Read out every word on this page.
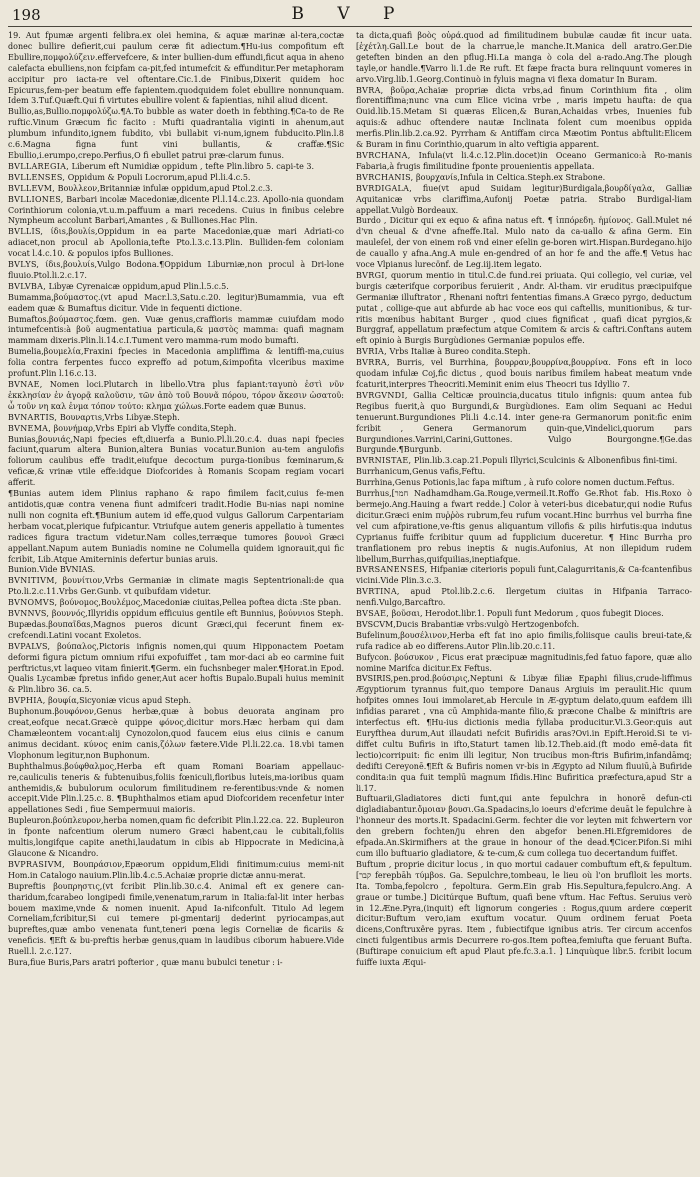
198	B V P

19. Aut fpumæ argenti felibra.ex olei hemina, & aquæ marinæ al-tera,coctæ donec bullire defierit,cui paulum ceræ fit adiectum.¶Hu-ius compofitum eft Ebullire,πομφολύζειν.effervefcere, & inter bullien-dum effundi,ficut aqua in aheno calefacta ebulliens,non fcipfam ca-pit,fed intumefcit & effunditur.Per metaphoram accipitur pro iacta-re vel oftentare.Cic.1.de Finibus,Dixerit quidem hoc Epicurus,fem-per beatum effe fapientem.quodquidem folet ebullire nonnunquam. Idem 3.Tuf.Quæft.Qui fi virtutes ebullire volent & fapientias, nihil aliud dicent.

Bullio,as,Bullio.πομφολύζω.¶A.To bubble as water doeth in febthing.¶Ca-to de Re ruftic.Vinum Græcum fic facito : Mufti quadrantalia viginti in ahenum,aut plumbum infundito,ignem fubdito, vbi bullabit vi-num,ignem fubducito.Plin.l.8 c.6.Magna figna funt vini bullantis, & craffæ.¶Sic Ebullio,i.erumpo,crepo.Perfius,O fi ebullet patrui præ-clarum funus.

BVLLAREGIA, Liberum eft Numidiæ oppidum , tefte Plin.libro 5. capi-te 3.

BVLLENSES, Oppidum & Populi Locrorum,apud Pl.li.4.c.5.

BVLLEVM, Βουλλεον,Britanniæ infulæ oppidum,apud Ptol.2.c.3.

BVLLIONES, Barbari incolæ Macedoniæ,dicente Pl.l.14.c.23. Apollo-nia quondam Corinthiorum colonia,vt.u.m.paffuum a mari recedens. Cuius in finibus celebre Nympheum accolunt Barbari,Amantes , & Bulliones.Hac Plin.

BVLLIS, ίδιs,βουλίs,Oppidum in ea parte Macedoniæ,quæ mari Adriati-co adiacet,non procul ab Apollonia,tefte Pto.l.3.c.13.Plin. Bulliden-fem coloniam vocat l.4.c.10. & populos ipfos Bulliones.

BVLYS, ίδιs,βουλυίs,Vulgo Bodona.¶Oppidum Liburniæ,non procul à Dri-lone fluuio.Ptol.li.2.c.17.

BVLVBA, Libyæ Cyrenaicæ oppidum,apud Plin.l.5.c.5.

Bumamma,βούμαστος.(vt apud Macr.l.3,Satu.c.20. legitur)Bumammia, vua eft eadem quæ & Bumaftus dicitur. Vide in fequenti dictione.

Bumaftos.βούμαστος.fœm. gen. Vuæ genus,craffioris mammæ cuiufdam modo intumefcentis:à βοῦ augmentatiua particula,& μαστὸς mamma: quafi magnam mammam dixeris.Plin.li.14.c.I.Tument vero mamma-rum modo bumafti.

Bumelia,βουμελία,Fraxini fpecies in Macedonia ampliffima & lentiffi-ma,cuius folia contra ferpentes fucco expreffo ad potum,&impofita vlceribus maxime profunt.Plin l.16.c.13.

BVNAE, Nomen loci.Plutarch in libello.Vtra plus fapiant:ταγυπὸ ἐστὶ νῦν ἐκκλησίαν ἐν ἀγορᾷ καλοῦσιν, τῶν ἀπὸ τοῦ Βουνᾶ πόρου, τόρον ἄκεσιν ὠσατοῦ: ὧ τοῦν νη καλ ἐνμα τόπον τούτο: κλημα χώλωs.Forte eadem quæ Bunus.

BVNARTIS, Βουναρτιs,Vrbs Libyæ.Steph.

BVNEMA, βουνήμαρ,Vrbs Epiri ab Vlyffe condita,Steph.

Bunias,βουνιάς,Napi fpecies eft,diuerfa a Bunio.Pl.li.20.c.4. duas napi fpecies faciunt,quarum altera Bunion,altera Bunias vocatur.Bunion au-tem angulofis foliorum caulibus effe tradit,eiufque decoctum purga-tionibus fœminarum,& veficæ,& vrinæ vtile effe:idque Diofcorides à Romanis Scopam regiam vocari afferit.

¶Bunias autem idem Plinius raphano & rapo fimilem facit,cuius fe-men antidotis,quæ contra venena fiunt admifceri tradit.Hodie Bu-nias napi nomine nulli non cognita eft.¶Bunium autem id effe,quod vulgus Gallorum Carpentariam herbam vocat,plerique fufpicantur. Vtriufque autem generis appellatio à tumentes radices figura tractum videtur.Nam colles,terræque tumores βουνοὶ Græci appellant.Napum autem Buniadis nomine ne Columella quidem ignorauit,qui fic fcribit, Lib.Atque Amiterninis defertur bunias aruis.

Bunion.Vide BVNIAS.

BVNITIVM, βουνίτιον,Vrbs Germaniæ in climate magis Septentrionali:de qua Pto.li.2.c.11.Vrbs Ger.Gunb. vt quibufdam videtur.

BVNOMVS, βούνομος,Βουλέμος,Macedoniæ ciuitas,Pellea poftea dicta :Ste pban.

BVNNVS, βουννός,Illyridis oppidum efficuius gentile eft Bunnius, βούννιοs Steph.

Bupædas.βουπαῖδαs,Magnos pueros dicunt Græci,qui fecerunt finem ex-crefcendi.Latini vocant Exoletos.

BVPALVS, βούπαλος,Pictoris infignis nomen,qui quum Hipponactem Poetam deformi figura pictum omnium rifui expofuiffet , tam mor-daci ab eo carmine fuit perftrictus,vt laqueo vitam finierit.¶Germ. ein fuchsnbeger maler.¶Horat.in Epod. Qualis Lycambæ fpretus infido gener,Aut acer hoftis Bupalo.Bupali huius meminit & Plin.libro 36. ca.5.

BVPHIA, βουφία,Sicyoniæ vicus apud Steph.

Buphonum.βουφόνον,Genus herbæ,quæ à bobus deuorata anginam pro creat,eofque necat.Græcè quippe φόνος,dicitur mors.Hæc herbam qui dam Chamæleontem vocant:alij Cynozolon,quod faucem eius eius ciinis e canum animus decidant. κύνος enim canis,ζόλων fætere.Vide Pl.li.22.ca. 18.vbi tamen Vlophonum legitur,non Buphonum.

Buphthalmus.βούφθαλμος,Herba eft quam Romani Boariam appellauc-re,cauliculis teneris & fubtenuibus,foliis fœniculi,floribus luteis,ma-ioribus quam anthemidis,& bubulorum oculorum fimilitudinem re-ferentibus:vnde & nomen accepit.Vide Plin.l.25.c. 8. ¶Buphthalmos etiam apud Diofcoridem recenfetur inter appellationes Sedi , fiue Sempermuui maioris.

Bupleuron.βούπλευρον,herba nomen,quam fic defcribit Plin.l.22.ca. 22. Bupleuron in fponte nafcentium olerum numero Græci habent,cau le cubitali,foliis multis,longifque capite anethi,laudatum in cibis ab Hippocrate in Medicina,à Glaucone & Nicandro.

BVPRASIVM, Βουπράσιον,Epæorum oppidum,Elidi finitimum:cuius memi-nit Hom.in Catalogo nauium.Plin.lib.4.c.5.Achaiæ proprie dictæ annu-merat.

Bupreftis βουπρηστις,(vt fcribit Plin.lib.30.c.4. Animal eft ex genere can-tharidum,fcarabeo longipedi fimile,venenatum,rarum in Italia:fal-lit inter herbas bouem maxime,vnde & nomen inuenit. Apud Ia-nifconfult. Titulo Ad legem Corneliam,fcribitur,Si cui temere pi-gmentarij dederint pyriocampas,aut bupreftes,quæ ambo venenata funt,teneri pœna legis Corneliæ de ficariis & veneficis. ¶Eft & bu-preftis herbæ genus,quam in laudibus ciborum habuere.Vide Ruell.l. 2.c.127.

Bura,fiue Buris,Pars aratri pofterior , quæ manu bubulci tenetur : i-

ta dicta,quafi βοὸς οὐρά.quod ad fimilitudinem bubulæ caudæ fit incur uata.[ἐχέτλη.Gall.Le bout de la charrue,le manche.It.Manica dell aratro.Ger.Die geteften binden an den pflug.Hi.La manga ò cola del a-rado.Ang.The plough tayle,or handle.¶Varro li.1.de Re ruft. Et fæpe fracta bura relinquunt vomeres in arvo.Virg.lib.1.Georg.Continuò in fyluis magna vi flexa domatur In Buram.

BVRA, βοῦρα,Achaiæ propriæ dicta vrbs,ad finum Corinthium fita , olim florentiffima;nunc vna cum Elice vicina vrbe , maris impetu haufta: de qua Ouid.lib.15.Metam Si quæras Elicen,& Buran,Achaidas vrbes, Inuenies fub aquis:& adhuc oftendere nautæ Inclinata folent cum moenibus oppida merfis.Plin.lib.2.ca.92. Pyrrham & Antiffam circa Mæotim Pontus abftulit:Elicem & Buram in finu Corinthio,quarum in alto veftigia apparent.

BVRCHANA, Infula(vt li.4.c.12.Plin.docet)in Oceano Germanico:à Ro-manis Fabaria,à frugis fimilitudine fponte prouenientis appellata.

BVRCHANIS, βουρχανίs,Infula in Celtica.Steph.ex Strabone.

BVRDIGALA, fiue(vt apud Suidam legitur)Burdigala,βουρδίγαλα, Galliæ Aquitanicæ vrbs clariffima,Aufonij Poetæ patria. Strabo Burdigal-liam appellat.Vulgò Bordeaux.

Burdo , Dicitur qui ex equo & afina natus eft. ¶ ἱππόρεδη. ἡμίονος. Gall.Mulet né d'vn cheual & d'vne afneffe.Ital. Mulo nato da ca-uallo & afina Germ. Ein mauleſel, der von einem roß vnd einer eſelin ge-boren wirt.Hispan.Burdegano.hijo de cauallo y afna.Ang.A mule en-gendred of an hor fe and the affe.¶ Vetus hac voce Vlpianus lurecönf. de Leg.iij.item legato.

BVRGI, quorum mentio in titul.C.de fund.rei priuata. Qui collegio, vel curiæ, vel burgis cæterifque corporibus feruierit , Andr. Al-tham. vir eruditus præcipuifque Germaniæ illuftrator , Rhenani noftri fententias fimans.A Græco pyrgo, deductum putat , collige-que aut abfurde ab hac voce eos qui caftellis, munitionibus, & tur-ritis mœnibus habitant Burger , quod ciues fignificat , quafi dicat pyrgios,& Burggraf, appellatum præfectum atque Comitem & arcis & caftri.Conftans autem eft opinio à Burgis Burgùdiones Germaniæ populos effe.

BVRIA, Vrbs Italiæ à Bureo condita.Steph.

BVRRA, Burris, vel Burrhina, βουρραν,βουρρίνα,βουρρίνα. Fons eft in loco quodam infulæ Coj,fic dictus , quod bouis naribus fimilem habeat meatum vnde fcaturit,interpres Theocriti.Meminit enim eius Theocri tus Idyllio 7.

BVRGVNDI, Gallia Celticæ prouincia,ducatus titulo infignis: quum antea fub Regibus fuerit,à quo Burgundi,& Burgùdiones. Eam olim Sequani ac Hedui tenuerunt.Burgundiones Pli.li 4.c.14. inter gene-ra Germanorum ponit:fic enim fcribit , Genera Germanorum quin-que,Vindelici,quorum pars Burgundiones.Varrini,Carini,Guttones. Vulgo Bourgongne.¶Ge.das Burgunde.¶Burgunb.

BVRNISTAE, Plin.lib.3.cap.21.Populi Illyrici,Sculcinis & Albonenfibus fini-timi.

Burrhanicum,Genus vafis,Feftu.

Burrhina,Genus Potionis,lac fapa miftum , à rufo colore nomen ductum.Feftus.

Burrhus,[חמר Nadhamdham.Ga.Rouge,vermeil.It.Roffo Ge.Rhot fab. His.Roxo ò bermejo.Ang.Hauing a fwart redde.] Color à veteri-bus dicebatur,qui nodie Rufus dicitur.Græci enim πυῤῥὸs rubrum,feu rufum vocant.Hinc burrhus vel burrha fine vel cum afpiratione,ve-ftis genus aliquantum villofis & pilis hirfutis:qua indutus Cyprianus fuiffe fcribitur quum ad fupplicium duceretur. ¶ Hinc Burrha pro tranflationem pro rebus ineptis & nugis.Aufonius, At non illepidum rudem libellum,Burrhas,quifquilias,ineptiafque.

BVRSANENSES, Hifpaniæ citerioris populi funt,Calagurritanis,& Ca-fcantenfibus vicini.Vide Plin.3.c.3.

BVRTINA, apud Ptol.lib.2.c.6. Ilergetum ciuitas in Hifpania Tarraco-nenfi.Vulgo,Barcaftro.

BVSAE, βοῦσαι, Herodot.libr.1. Populi funt Medorum , quos fubegit Dioces.

BVSCVM,Ducis Brabantiæ vrbs:vulgò Hertzogenbofch.

Bufelinum,βουσέλινον,Herba eft fat ino apio fimilis,foliisque caulis breui-tate,& rufa radice ab eo differens.Autor Plin.lib.20.c.11.

Bufycon. βούσυκον , Ficus erat præcipuæ magnitudinis,fed fatuo fapore, quæ alio nomine Marifca dicitur.Ex Feftus.

BVSIRIS,pen.prod.βούσιρις,Neptuni & Libyæ filiæ Epaphi filius,crude-liffimus Ægyptiorum tyrannus fuit,quo tempore Danaus Argiuis im peraulit.Hic quum hofpites omnes Ioui immolaret,ab Hercule in Æ-gyptum delato,quum eafdem illi infidias pararet , vna cū Amphida-mante filio,& præcone Chalbe & miniftris are interfectus eft. ¶Hu-ius dictionis media fyllaba producitur.Vi.3.Geor:quis aut Euryfthea durum,Aut illaudati nefcit Bufiridis aras?Ovi.in Epift.Heroid.Si te vi-diffet cultu Bufiris in ifto,Staturt tamen lib.12.Theb.aid.(ft modo emē-data fit lectio)corripuit: fic enim illi legitur, Non trucibus mon-ftris Bufirim,infandāmq; dedifti Cereyonē.¶Eft & Bufiris nomen vr-bis in Ægypto ad Nilum fluuiū,à Bufiride condita:in qua fuit templū magnum Ifidis.Hinc Bufiritica præfectura,apud Str a li.17.

Buftuarii,Gladiatores dicti funt,qui ante fepulchra in honorē defun-cti digladiabantur.ὄμοιαν βουσι.Ga.Spadacins,lo ioeurs d'efcrime deuāt le fepulchre à l'honneur des morts.It. Spadacini.Germ. fechter die vor leyten mit fchwertern vor den grebern fochten/ju ehren den abgefor benen.Hi.Efgremidores de efpada.An.Skirmifhers at the graue in honour of the dead.¶Cicer.Pifon.Si mihi cum illo buftuario gladiatore, & te-cum,& cum collega tuo decertandum fuiffet.

Buftum , proprie dicitur locus , in quo mortui cadauer combuftum eft,& fepultum. [קבר ferepbāh τύμβοs. Ga. Sepulchre,tombeau, le lieu où l'on bruflloit les morts. Ita. Tomba,fepolcro , fepoltura. Germ.Ein grab His.Sepultura,fepulcro.Ang. A graue or tumbe.] Dicitúrque Buftum, quafi bene vftum. Hac Feftus. Seruius verò in 12.Æne.Pyra,(inquit) eft lignorum congeries : Rogus,quum ardere cœperit dicitur:Buftum vero,iam exuftum vocatur. Quum ordinem feruat Poeta dicens,Conftruxêre pyras. Item , fubiectifque ignibus atris. Ter circum accenfos cincti fulgentibus armis Decurrere ro-gos.Item poftea,femiufta que feruant Bufta. (Buftirape conuicium eft apud Plaut pfe.fc.3.a.1. ] Linquùque libr.5. fcribit locum fuiffe iuxta Æqui-
